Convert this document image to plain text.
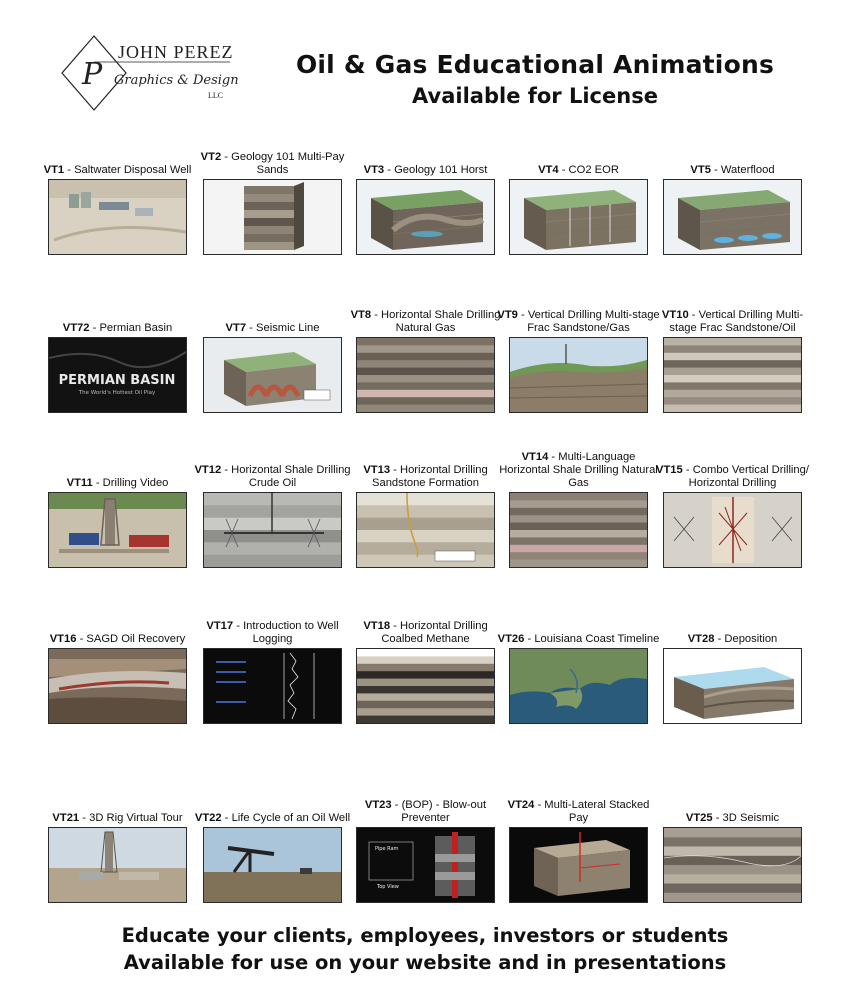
P
JOHN PEREZ
Graphics & Design
LLC
Oil & Gas Educational Animations
Available for License
VT1 - Saltwater Disposal Well
VT2 - Geology 101 Multi-Pay Sands	VT3 - Geology 101 Horst	VT4 - CO2 EOR	VT5 - Waterflood
VT72 - Permian Basin
PERMIAN BASIN
The World's Hottest Oil Play
VT7 - Seismic Line
VT8 - Horizontal Shale Drilling Natural Gas
VT9 - Vertical Drilling Multi-stage Frac Sandstone/Gas
VT10 - Vertical Drilling Multi-stage Frac Sandstone/Oil
VT11 - Drilling Video
VT12 - Horizontal Shale Drilling Crude Oil
VT13 - Horizontal Drilling Sandstone Formation
VT14 - Multi-Language Horizontal Shale Drilling Natural Gas
VT15 - Combo Vertical Drilling/ Horizontal Drilling
VT16 - SAGD Oil Recovery
VT17 - Introduction to Well Logging
VT18 - Horizontal Drilling Coalbed Methane	VT26 - Louisiana Coast Timeline	VT28 - Deposition
VT21 - 3D Rig Virtual Tour VT22 - Life Cycle of an Oil Well
VT23 - (BOP) - Blow-out Preventer
Pipe Ram
Top View
VT24 - Multi-Lateral Stacked Pay	VT25 - 3D Seismic
Educate your clients, employees, investors or students
Available for use on your website and in presentations
